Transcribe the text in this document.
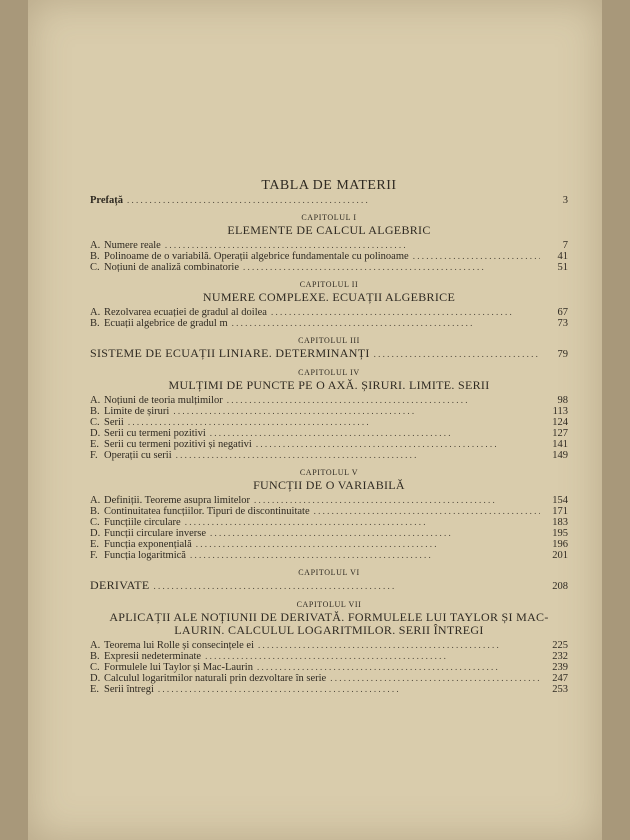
TABLA DE MATERII
Prefață . . .	3
CAPITOLUL I
ELEMENTE DE CALCUL ALGEBRIC
A. Numere reale . . .	7
B. Polinoame de o variabilă. Operații algebrice fundamentale cu polinoame . . .	41
C. Noțiuni de analiză combinatorie . . .	51
CAPITOLUL II
NUMERE COMPLEXE. ECUAȚII ALGEBRICE
A. Rezolvarea ecuației de gradul al doilea . . .	67
B. Ecuații algebrice de gradul m . . .	73
CAPITOLUL III
SISTEME DE ECUAȚII LINIARE. DETERMINANȚI . . .	79
CAPITOLUL IV
MULȚIMI DE PUNCTE PE O AXĂ. ȘIRURI. LIMITE. SERII
A. Noțiuni de teoria mulțimilor . . .	98
B. Limite de șiruri . . .	113
C. Serii . . .	124
D. Serii cu termeni pozitivi . . .	127
E. Serii cu termeni pozitivi și negativi . . .	141
F. Operații cu serii . . .	149
CAPITOLUL V
FUNCȚII DE O VARIABILĂ
A. Definiții. Teoreme asupra limitelor . . .	154
B. Continuitatea funcțiilor. Tipuri de discontinuitate . . .	171
C. Funcțiile circulare . . .	183
D. Funcții circulare inverse . . .	195
E. Funcția exponențială . . .	196
F. Funcția logaritmică . . .	201
CAPITOLUL VI
DERIVATE . . .	208
CAPITOLUL VII
APLICAȚII ALE NOȚIUNII DE DERIVATĂ. FORMULELE LUI TAYLOR ȘI MAC-LAURIN. CALCULUL LOGARITMILOR. SERII ÎNTREGI
A. Teorema lui Rolle și consecințele ei . . .	225
B. Expresii nedeterminate . . .	232
C. Formulele lui Taylor și Mac-Laurin . . .	239
D. Calculul logaritmilor naturali prin dezvoltare în serie . . .	247
E. Serii întregi . . .	253
